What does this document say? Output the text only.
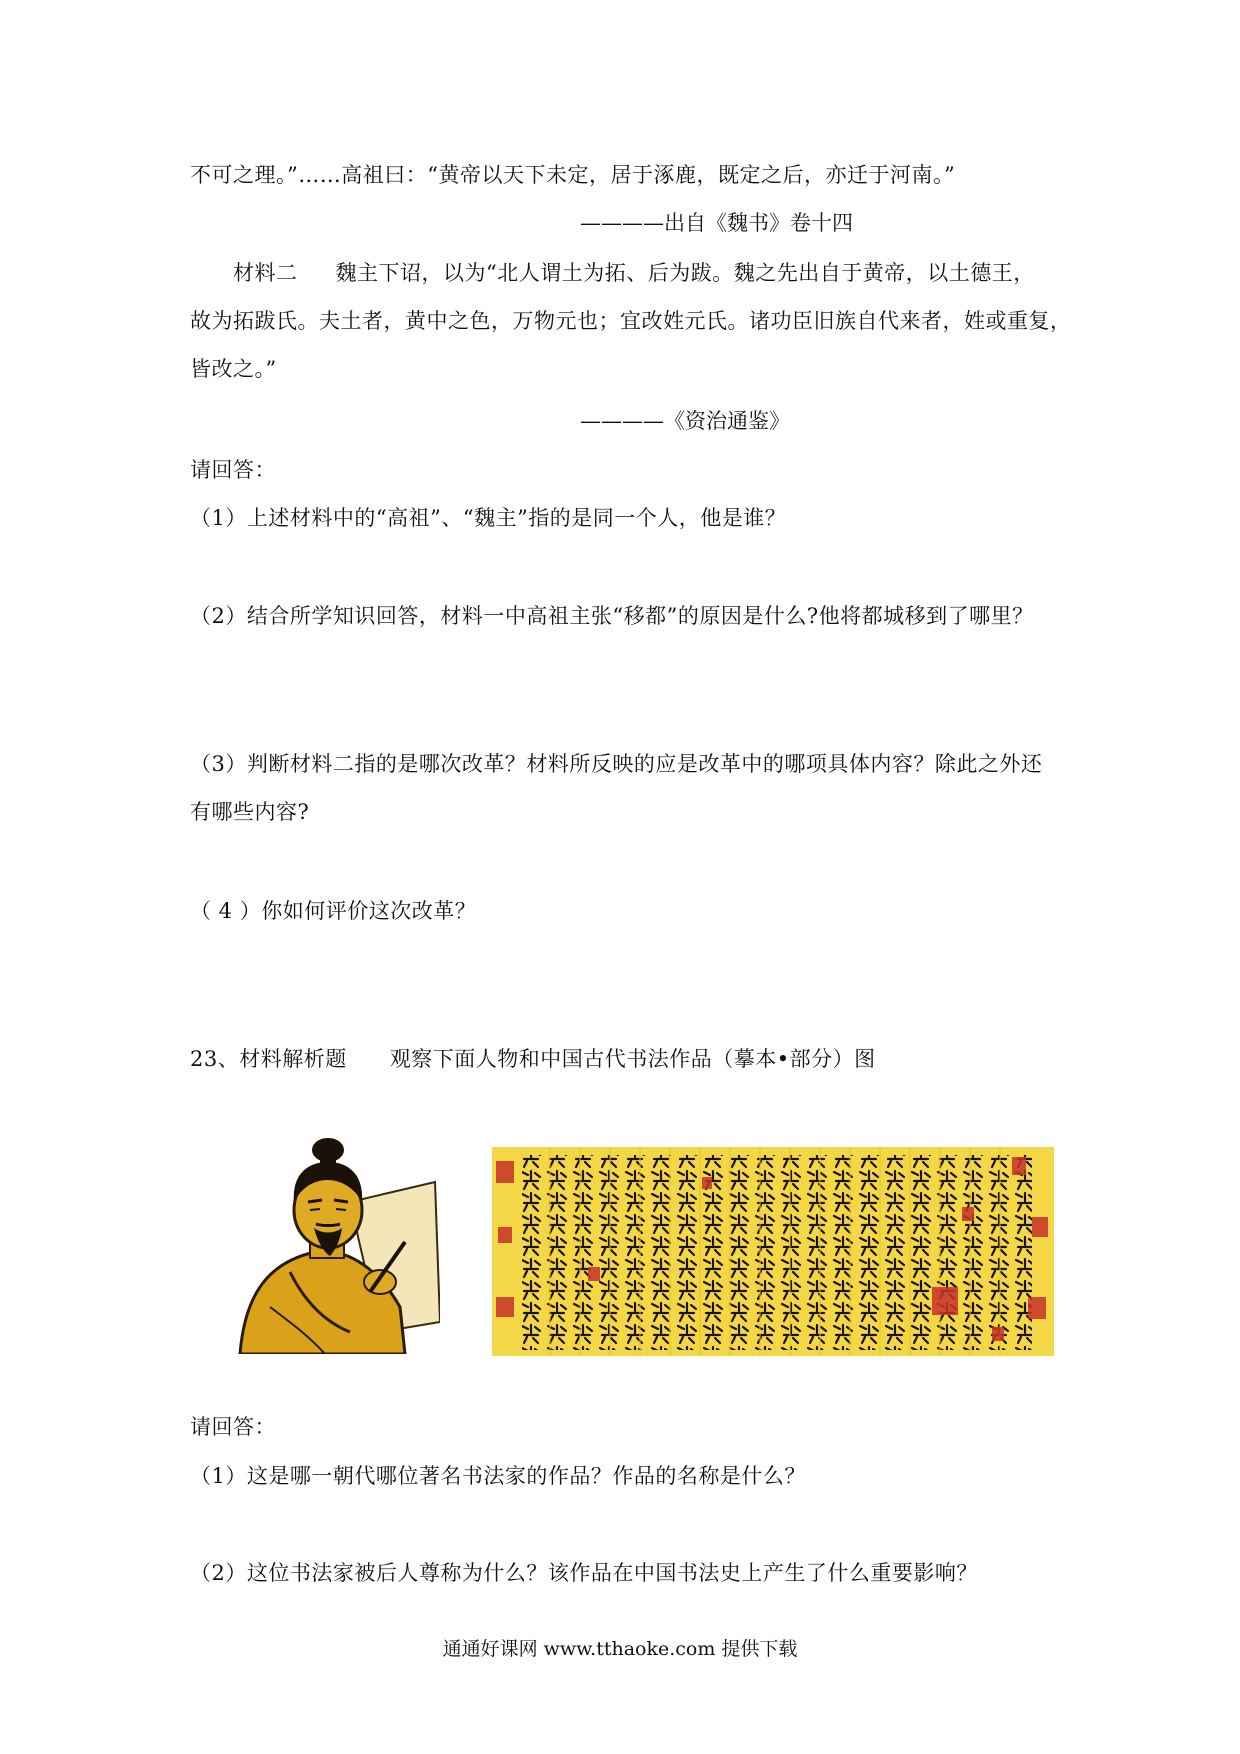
不可之理。”……高祖曰：“黄帝以天下未定，居于涿鹿，既定之后，亦迁于河南。”
————出自《魏书》卷十四
材料二 魏主下诏，以为“北人谓土为拓、后为跋。魏之先出自于黄帝，以土德王，
故为拓跋氏。夫土者，黄中之色，万物元也；宜改姓元氏。诸功臣旧族自代来者，姓或重复，
皆改之。”
————《资治通鉴》
请回答：
（1）上述材料中的“高祖”、“魏主”指的是同一个人，他是谁？
（2）结合所学知识回答，材料一中高祖主张“移都”的原因是什么?他将都城移到了哪里？
（3）判断材料二指的是哪次改革？材料所反映的应是改革中的哪项具体内容？除此之外还
有哪些内容?
（ 4 ）你如何评价这次改革？
23、材料解析题　　观察下面人物和中国古代书法作品（摹本•部分）图
请回答：
（1）这是哪一朝代哪位著名书法家的作品？作品的名称是什么？
（2）这位书法家被后人尊称为什么？该作品在中国书法史上产生了什么重要影响？
通通好课网 www.tthaoke.com 提供下载
